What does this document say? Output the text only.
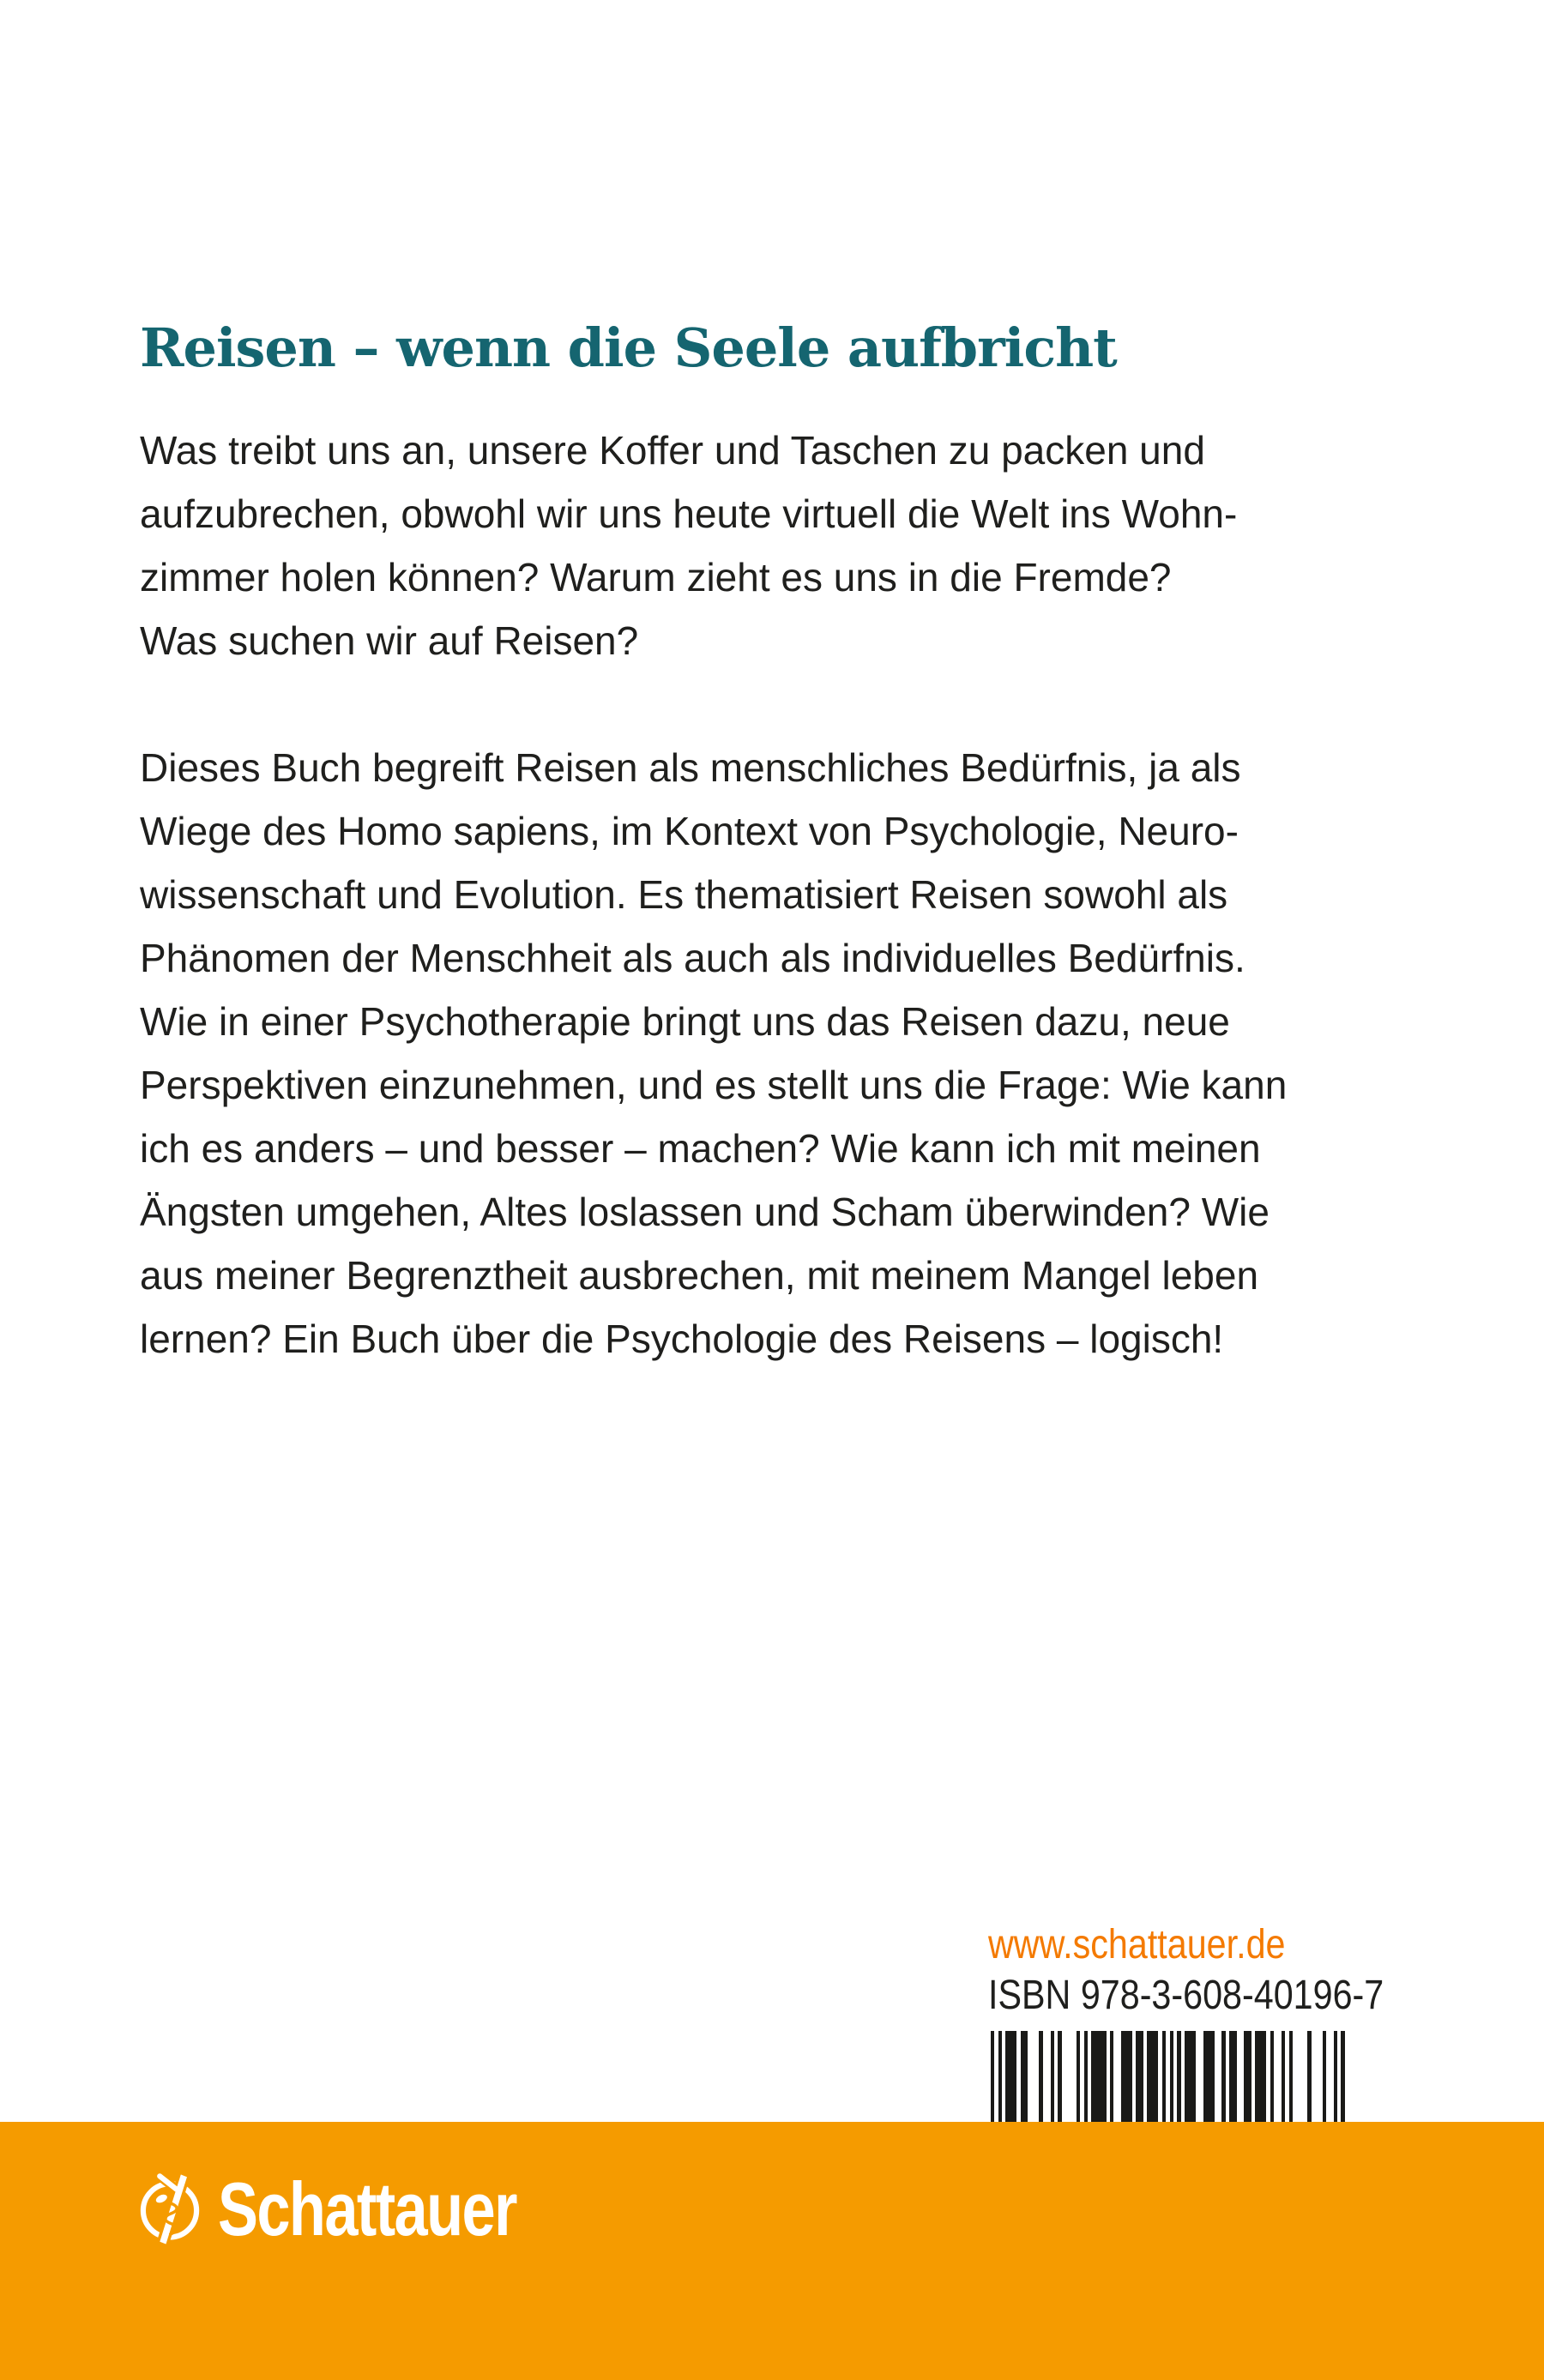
Reisen – wenn die Seele aufbricht
Was treibt uns an, unsere Koffer und Taschen zu packen und
aufzubrechen, obwohl wir uns heute virtuell die Welt ins Wohn-
zimmer holen können? Warum zieht es uns in die Fremde?
Was suchen wir auf Reisen?
Dieses Buch begreift Reisen als menschliches Bedürfnis, ja als
Wiege des Homo sapiens, im Kontext von Psychologie, Neuro-
wissenschaft und Evolution. Es thematisiert Reisen sowohl als
Phänomen der Menschheit als auch als individuelles Bedürfnis.
Wie in einer Psychotherapie bringt uns das Reisen dazu, neue
Perspektiven einzunehmen, und es stellt uns die Frage: Wie kann
ich es anders – und besser – machen? Wie kann ich mit meinen
Ängsten umgehen, Altes loslassen und Scham überwinden? Wie
aus meiner Begrenztheit ausbrechen, mit meinem Mangel leben
lernen? Ein Buch über die Psychologie des Reisens – logisch!
www.schattauer.de
ISBN 978-3-608-40196-7
Schattauer
